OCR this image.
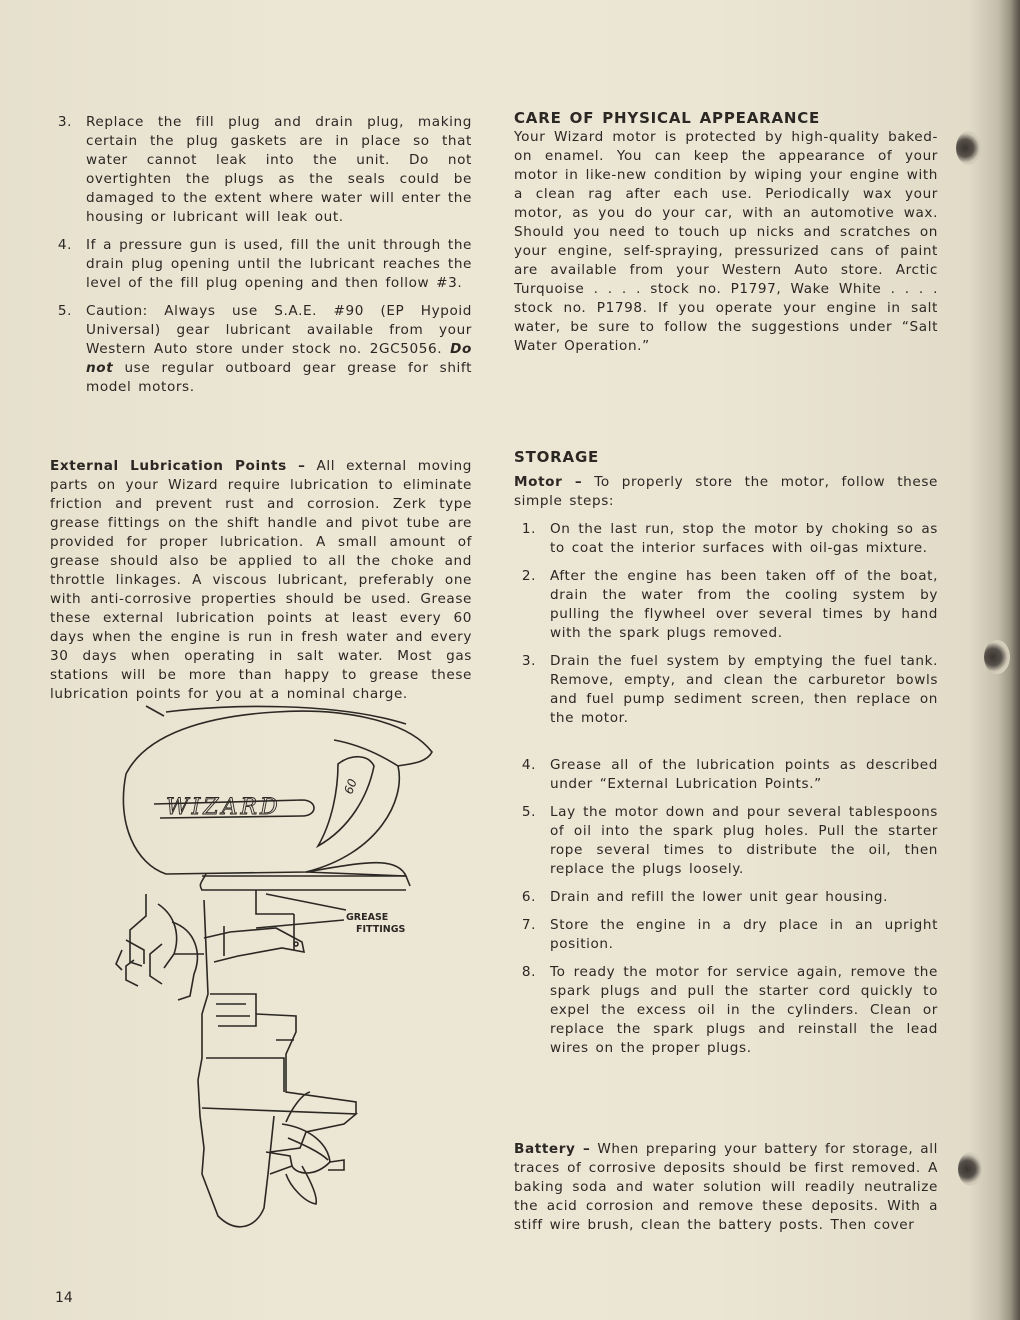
3.	Replace the fill plug and drain plug, making certain the plug gaskets are in place so that water cannot leak into the unit. Do not overtighten the plugs as the seals could be damaged to the extent where water will enter the housing or lubricant will leak out.
4.	If a pressure gun is used, fill the unit through the drain plug opening until the lubricant reaches the level of the fill plug opening and then follow #3.
5.	Caution: Always use S.A.E. #90 (EP Hypoid Universal) gear lubricant available from your Western Auto store under stock no. 2GC5056. Do not use regular outboard gear grease for shift model motors.

External Lubrication Points – All external moving parts on your Wizard require lubrication to eliminate friction and prevent rust and corrosion. Zerk type grease fittings on the shift handle and pivot tube are provided for proper lubrication. A small amount of grease should also be applied to all the choke and throttle linkages. A viscous lubricant, preferably one with anti-corrosive properties should be used. Grease these external lubrication points at least every 60 days when the engine is run in fresh water and every 30 days when operating in salt water. Most gas stations will be more than happy to grease these lubrication points for you at a nominal charge.

WIZARD
60
GREASE
FITTINGS
CARE OF PHYSICAL APPEARANCE
Your Wizard motor is protected by high-quality baked-on enamel. You can keep the appearance of your motor in like-new condition by wiping your engine with a clean rag after each use. Periodically wax your motor, as you do your car, with an automotive wax. Should you need to touch up nicks and scratches on your engine, self-spraying, pressurized cans of paint are available from your Western Auto store. Arctic Turquoise . . . . stock no. P1797, Wake White . . . . stock no. P1798. If you operate your engine in salt water, be sure to follow the suggestions under “Salt Water Operation.”
STORAGE

Motor – To properly store the motor, follow these simple steps:

1.	On the last run, stop the motor by choking so as to coat the interior surfaces with oil-gas mixture.
2.	After the engine has been taken off of the boat, drain the water from the cooling system by pulling the flywheel over several times by hand with the spark plugs removed.
3.	Drain the fuel system by emptying the fuel tank. Remove, empty, and clean the carburetor bowls and fuel pump sediment screen, then replace on the motor.
4.	Grease all of the lubrication points as described under “External Lubrication Points.”
5.	Lay the motor down and pour several tablespoons of oil into the spark plug holes. Pull the starter rope several times to distribute the oil, then replace the plugs loosely.
6.	Drain and refill the lower unit gear housing.
7.	Store the engine in a dry place in an upright position.
8.	To ready the motor for service again, remove the spark plugs and pull the starter cord quickly to expel the excess oil in the cylinders. Clean or replace the spark plugs and reinstall the lead wires on the proper plugs.

Battery – When preparing your battery for storage, all traces of corrosive deposits should be first removed. A baking soda and water solution will readily neutralize the acid corrosion and remove these deposits. With a stiff wire brush, clean the battery posts. Then cover

14
